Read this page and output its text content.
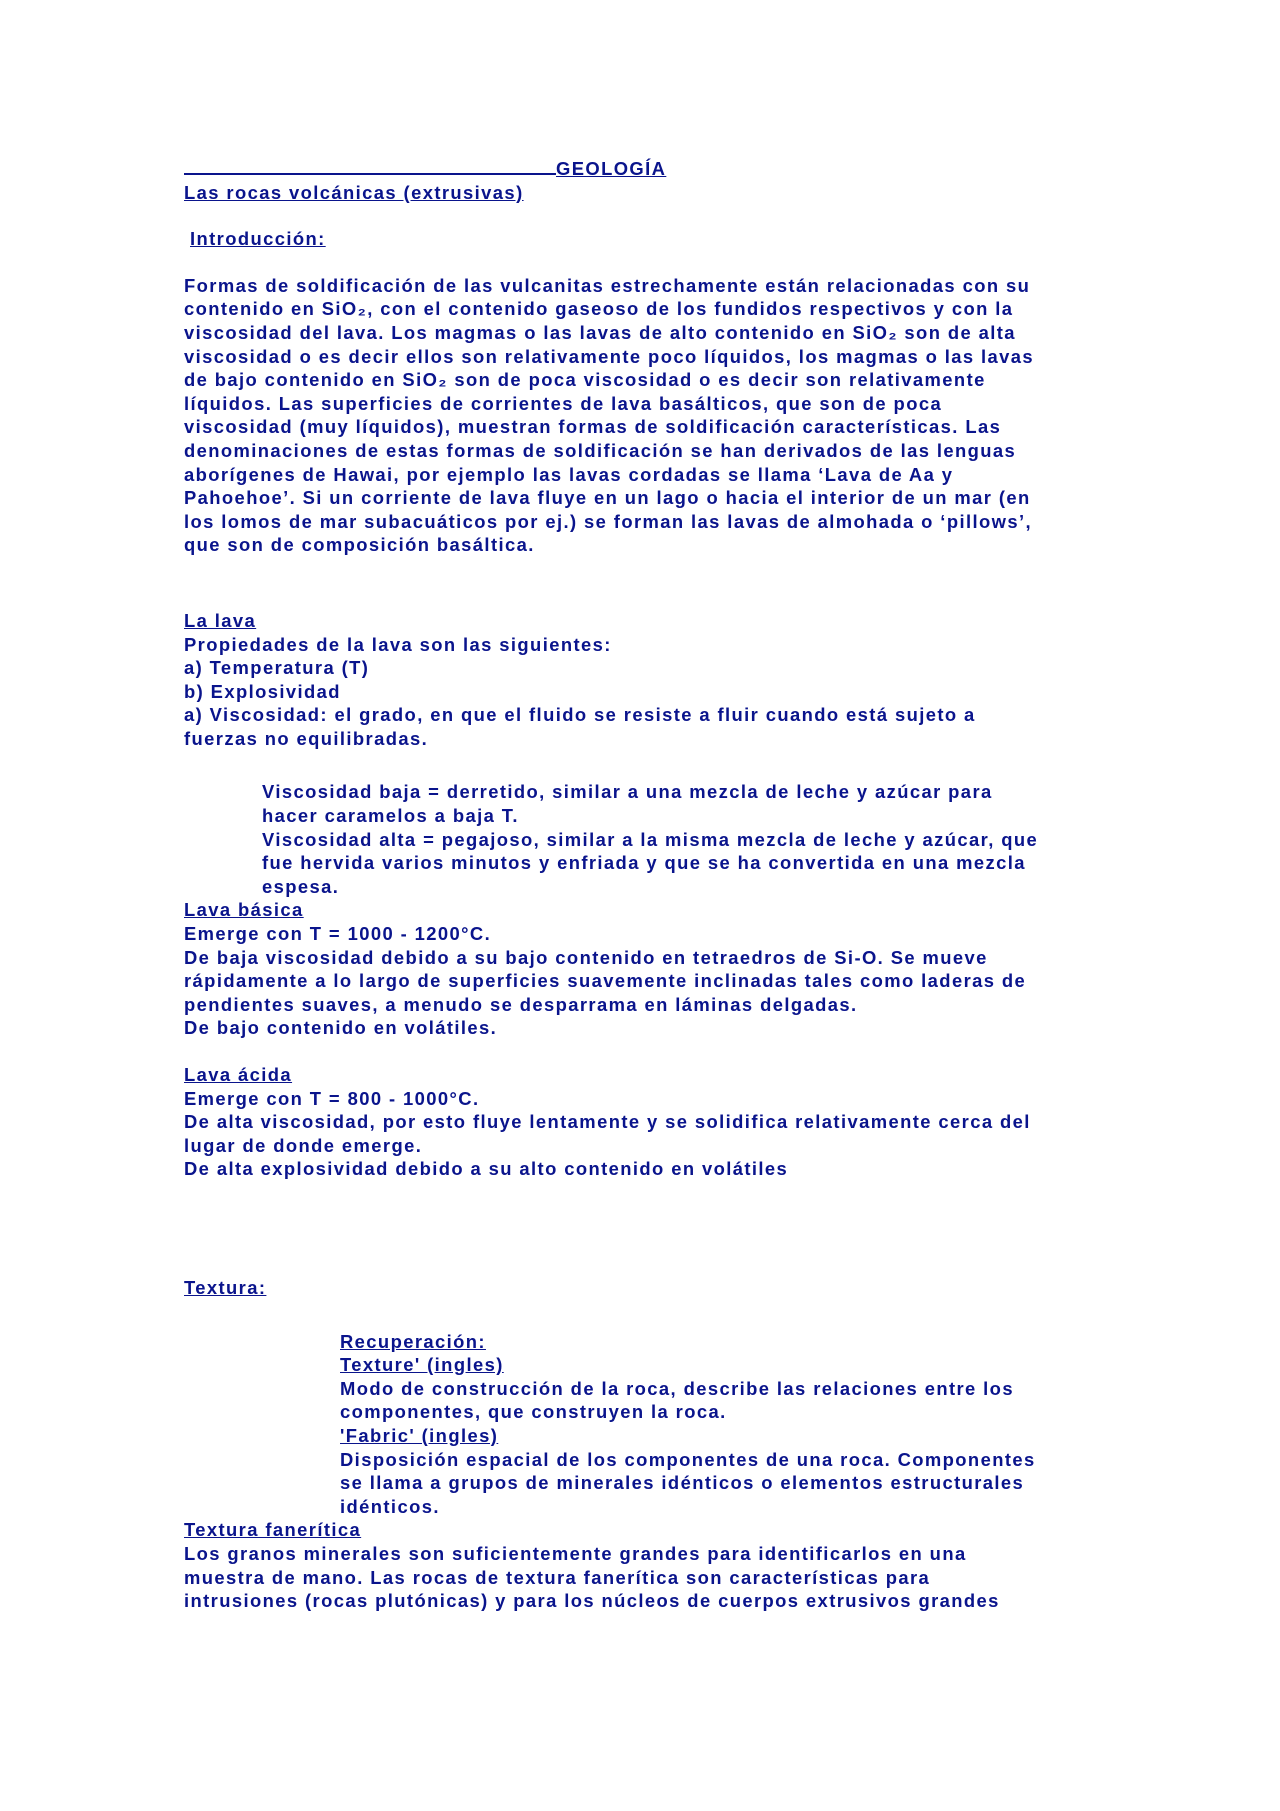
GEOLOGÍA
Las rocas volcánicas (extrusivas)
Introducción:
Formas de soldificación de las vulcanitas estrechamente están relacionadas con su
contenido en SiO₂, con el contenido gaseoso de los fundidos respectivos y con la
viscosidad del lava. Los magmas o las lavas de alto contenido en SiO₂ son de alta
viscosidad o es decir ellos son relativamente poco líquidos, los magmas o las lavas
de bajo contenido en SiO₂ son de poca viscosidad o es decir son relativamente
líquidos. Las superficies de corrientes de lava basálticos, que son de poca
viscosidad (muy líquidos), muestran formas de soldificación características. Las
denominaciones de estas formas de soldificación se han derivados de las lenguas
aborígenes de Hawai, por ejemplo las lavas cordadas se llama ‘Lava de Aa y
Pahoehoe’. Si un corriente de lava fluye en un lago o hacia el interior de un mar (en
los lomos de mar subacuáticos por ej.) se forman las lavas de almohada o ‘pillows’,
que son de composición basáltica.
La lava
Propiedades de la lava son las siguientes:
a) Temperatura (T)
b) Explosividad
a) Viscosidad: el grado, en que el fluido se resiste a fluir cuando está sujeto a
fuerzas no equilibradas.
Viscosidad baja = derretido, similar a una mezcla de leche y azúcar para
hacer caramelos a baja T.
Viscosidad alta = pegajoso, similar a la misma mezcla de leche y azúcar, que
fue hervida varios minutos y enfriada y que se ha convertida en una mezcla
espesa.
Lava básica
Emerge con T = 1000 - 1200°C.
De baja viscosidad debido a su bajo contenido en tetraedros de Si-O. Se mueve
rápidamente a lo largo de superficies suavemente inclinadas tales como laderas de
pendientes suaves, a menudo se desparrama en láminas delgadas.
De bajo contenido en volátiles.
Lava ácida
Emerge con T = 800 - 1000°C.
De alta viscosidad, por esto fluye lentamente y se solidifica relativamente cerca del
lugar de donde emerge.
De alta explosividad debido a su alto contenido en volátiles
Textura:
Recuperación:
Texture' (ingles)
Modo de construcción de la roca, describe las relaciones entre los
componentes, que construyen la roca.
'Fabric' (ingles)
Disposición espacial de los componentes de una roca. Componentes
se llama a grupos de minerales idénticos o elementos estructurales
idénticos.
Textura fanerítica
Los granos minerales son suficientemente grandes para identificarlos en una
muestra de mano. Las rocas de textura fanerítica son características para
intrusiones (rocas plutónicas) y para los núcleos de cuerpos extrusivos grandes
